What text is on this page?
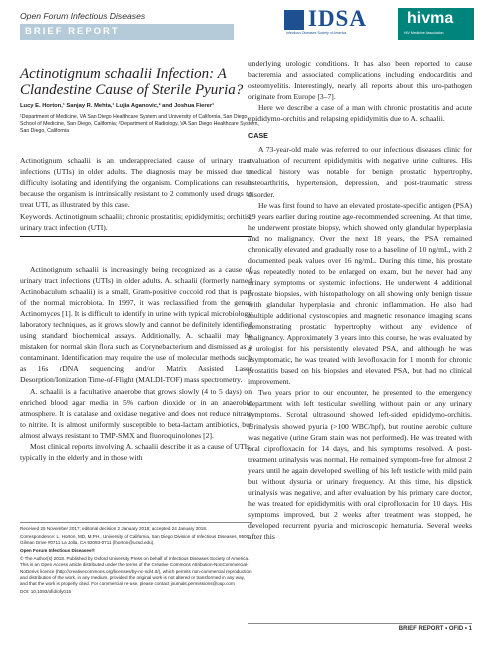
Open Forum Infectious Diseases
BRIEF REPORT
IDSA
Infectious Diseases Society of America
hivma
HIV Medicine Association
Actinotignum schaalii Infection: A Clandestine Cause of Sterile Pyuria?
Lucy E. Horton,¹ Sanjay R. Mehta,¹ Lujia Aganovic,² and Joshua Fierer¹
¹Department of Medicine, VA San Diego Healthcare System and University of California, San Diego, School of Medicine, San Diego, California; ²Department of Radiology, VA San Diego Healthcare System, San Diego, California

Actinotignum schaalii is an underappreciated cause of urinary tract infections (UTIs) in older adults. The diagnosis may be missed due to difficulty isolating and identifying the organism. Complications can result because the organism is intrinsically resistant to 2 commonly used drugs to treat UTI, as illustrated by this case.

Keywords. Actinotignum schaalii; chronic prostatitis; epididymitis; orchitis; urinary tract infection (UTI).

Actinotignum schaalii is increasingly being recognized as a cause of urinary tract infections (UTIs) in older adults. A. schaalii (formerly named Actinobaculum schaalii) is a small, Gram-positive coccoid rod that is part of the normal microbiota. In 1997, it was reclassified from the genus Actinomyces [1]. It is difficult to identify in urine with typical microbiology laboratory techniques, as it grows slowly and cannot be definitely identified using standard biochemical assays. Additionally, A. schaalii may be mistaken for normal skin flora such as Corynebacterium and dismissed as a contaminant. Identification may require the use of molecular methods such as 16s rDNA sequencing and/or Matrix Assisted Laser Desorption/Ionization Time-of-Flight (MALDI-TOF) mass spectrometry.

A. schaalii is a facultative anaerobe that grows slowly (4 to 5 days) on enriched blood agar media in 5% carbon dioxide or in an anaerobic atmosphere. It is catalase and oxidase negative and does not reduce nitrate to nitrite. It is almost uniformly susceptible to beta-lactam antibiotics, but almost always resistant to TMP-SMX and fluoroquinolones [2].

Most clinical reports involving A. schaalii describe it as a cause of UTIs, typically in the elderly and in those with

Received 25 November 2017; editorial decision 2 January 2018; accepted 24 January 2018.

Correspondence: L. Horton, MD, M.PH., University of California, San Diego Division of Infectious Diseases, 9500 Gilman Drive #0711 La Jolla, CA 92093-0711 (lhorton@ucsd.edu).

Open Forum Infectious Diseases®

© The Author(s) 2018. Published by Oxford University Press on behalf of Infectious Diseases Society of America. This is an Open Access article distributed under the terms of the Creative Commons Attribution-NonCommercial-NoDerivs licence (http://creativecommons.org/licenses/by-nc-nd/4.0/), which permits non-commercial reproduction and distribution of the work, in any medium, provided the original work is not altered or transformed in any way, and that the work is properly cited. For commercial re-use, please contact journals.permissions@oup.com

DOI: 10.1093/ofid/ofy015

underlying urologic conditions. It has also been reported to cause bacteremia and associated complications including endocarditis and osteomyelitis. Interestingly, nearly all reports about this uro-pathogen originate from Europe [3–7].

Here we describe a case of a man with chronic prostatitis and acute epididymo-orchitis and relapsing epididymitis due to A. schaalii.

CASE

A 73-year-old male was referred to our infectious diseases clinic for evaluation of recurrent epididymitis with negative urine cultures. His medical history was notable for benign prostatic hypertrophy, osteoarthritis, hypertension, depression, and post-traumatic stress disorder.

He was first found to have an elevated prostate-specific antigen (PSA) 19 years earlier during routine age-recommended screening. At that time, he underwent prostate biopsy, which showed only glandular hyperplasia and no malignancy. Over the next 18 years, the PSA remained chronically elevated and gradually rose to a baseline of 10 ng/mL, with 2 documented peak values over 16 ng/mL. During this time, his prostate was repeatedly noted to be enlarged on exam, but he never had any urinary symptoms or systemic infections. He underwent 4 additional prostate biopsies, with histopathology on all showing only benign tissue with glandular hyperplasia and chronic inflammation. He also had multiple additional cystoscopies and magnetic resonance imaging scans demonstrating prostatic hypertrophy without any evidence of malignancy. Approximately 3 years into this course, he was evaluated by a urologist for his persistently elevated PSA, and although he was asymptomatic, he was treated with levofloxacin for 1 month for chronic prostatitis based on his biopsies and elevated PSA, but had no clinical improvement.

Two years prior to our encounter, he presented to the emergency department with left testicular swelling without pain or any urinary symptoms. Scrotal ultrasound showed left-sided epididymo-orchitis. Urinalysis showed pyuria (>100 WBC/hpf), but routine aerobic culture was negative (urine Gram stain was not performed). He was treated with oral ciprofloxacin for 14 days, and his symptoms resolved. A post-treatment urinalysis was normal. He remained symptom-free for almost 2 years until he again developed swelling of his left testicle with mild pain but without dysuria or urinary frequency. At this time, his dipstick urinalysis was negative, and after evaluation by his primary care doctor, he was treated for epididymitis with oral ciprofloxacin for 10 days. His symptoms improved, but 2 weeks after treatment was stopped, he developed recurrent pyuria and microscopic hematuria. Several weeks after this

BRIEF REPORT • OFID • 1
